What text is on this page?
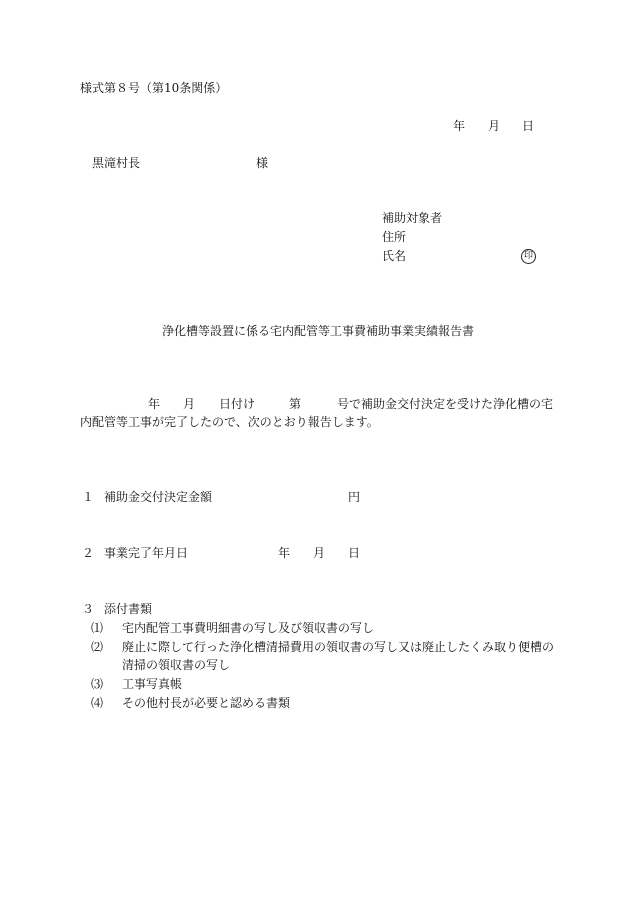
様式第８号（第10条関係）
年 月 日
黒滝村長	様
補助対象者
住所
氏名	印
浄化槽等設置に係る宅内配管等工事費補助事業実績報告書
年 月 日付け	第	号で補助金交付決定を受けた浄化槽の宅
内配管等工事が完了したので、次のとおり報告します。
１ 補助金交付決定金額	円
２ 事業完了年月日	年 月 日
３ 添付書類
⑴ 宅内配管工事費明細書の写し及び領収書の写し
⑵ 廃止に際して行った浄化槽清掃費用の領収書の写し又は廃止したくみ取り便槽の
清掃の領収書の写し
⑶ 工事写真帳
⑷ その他村長が必要と認める書類
